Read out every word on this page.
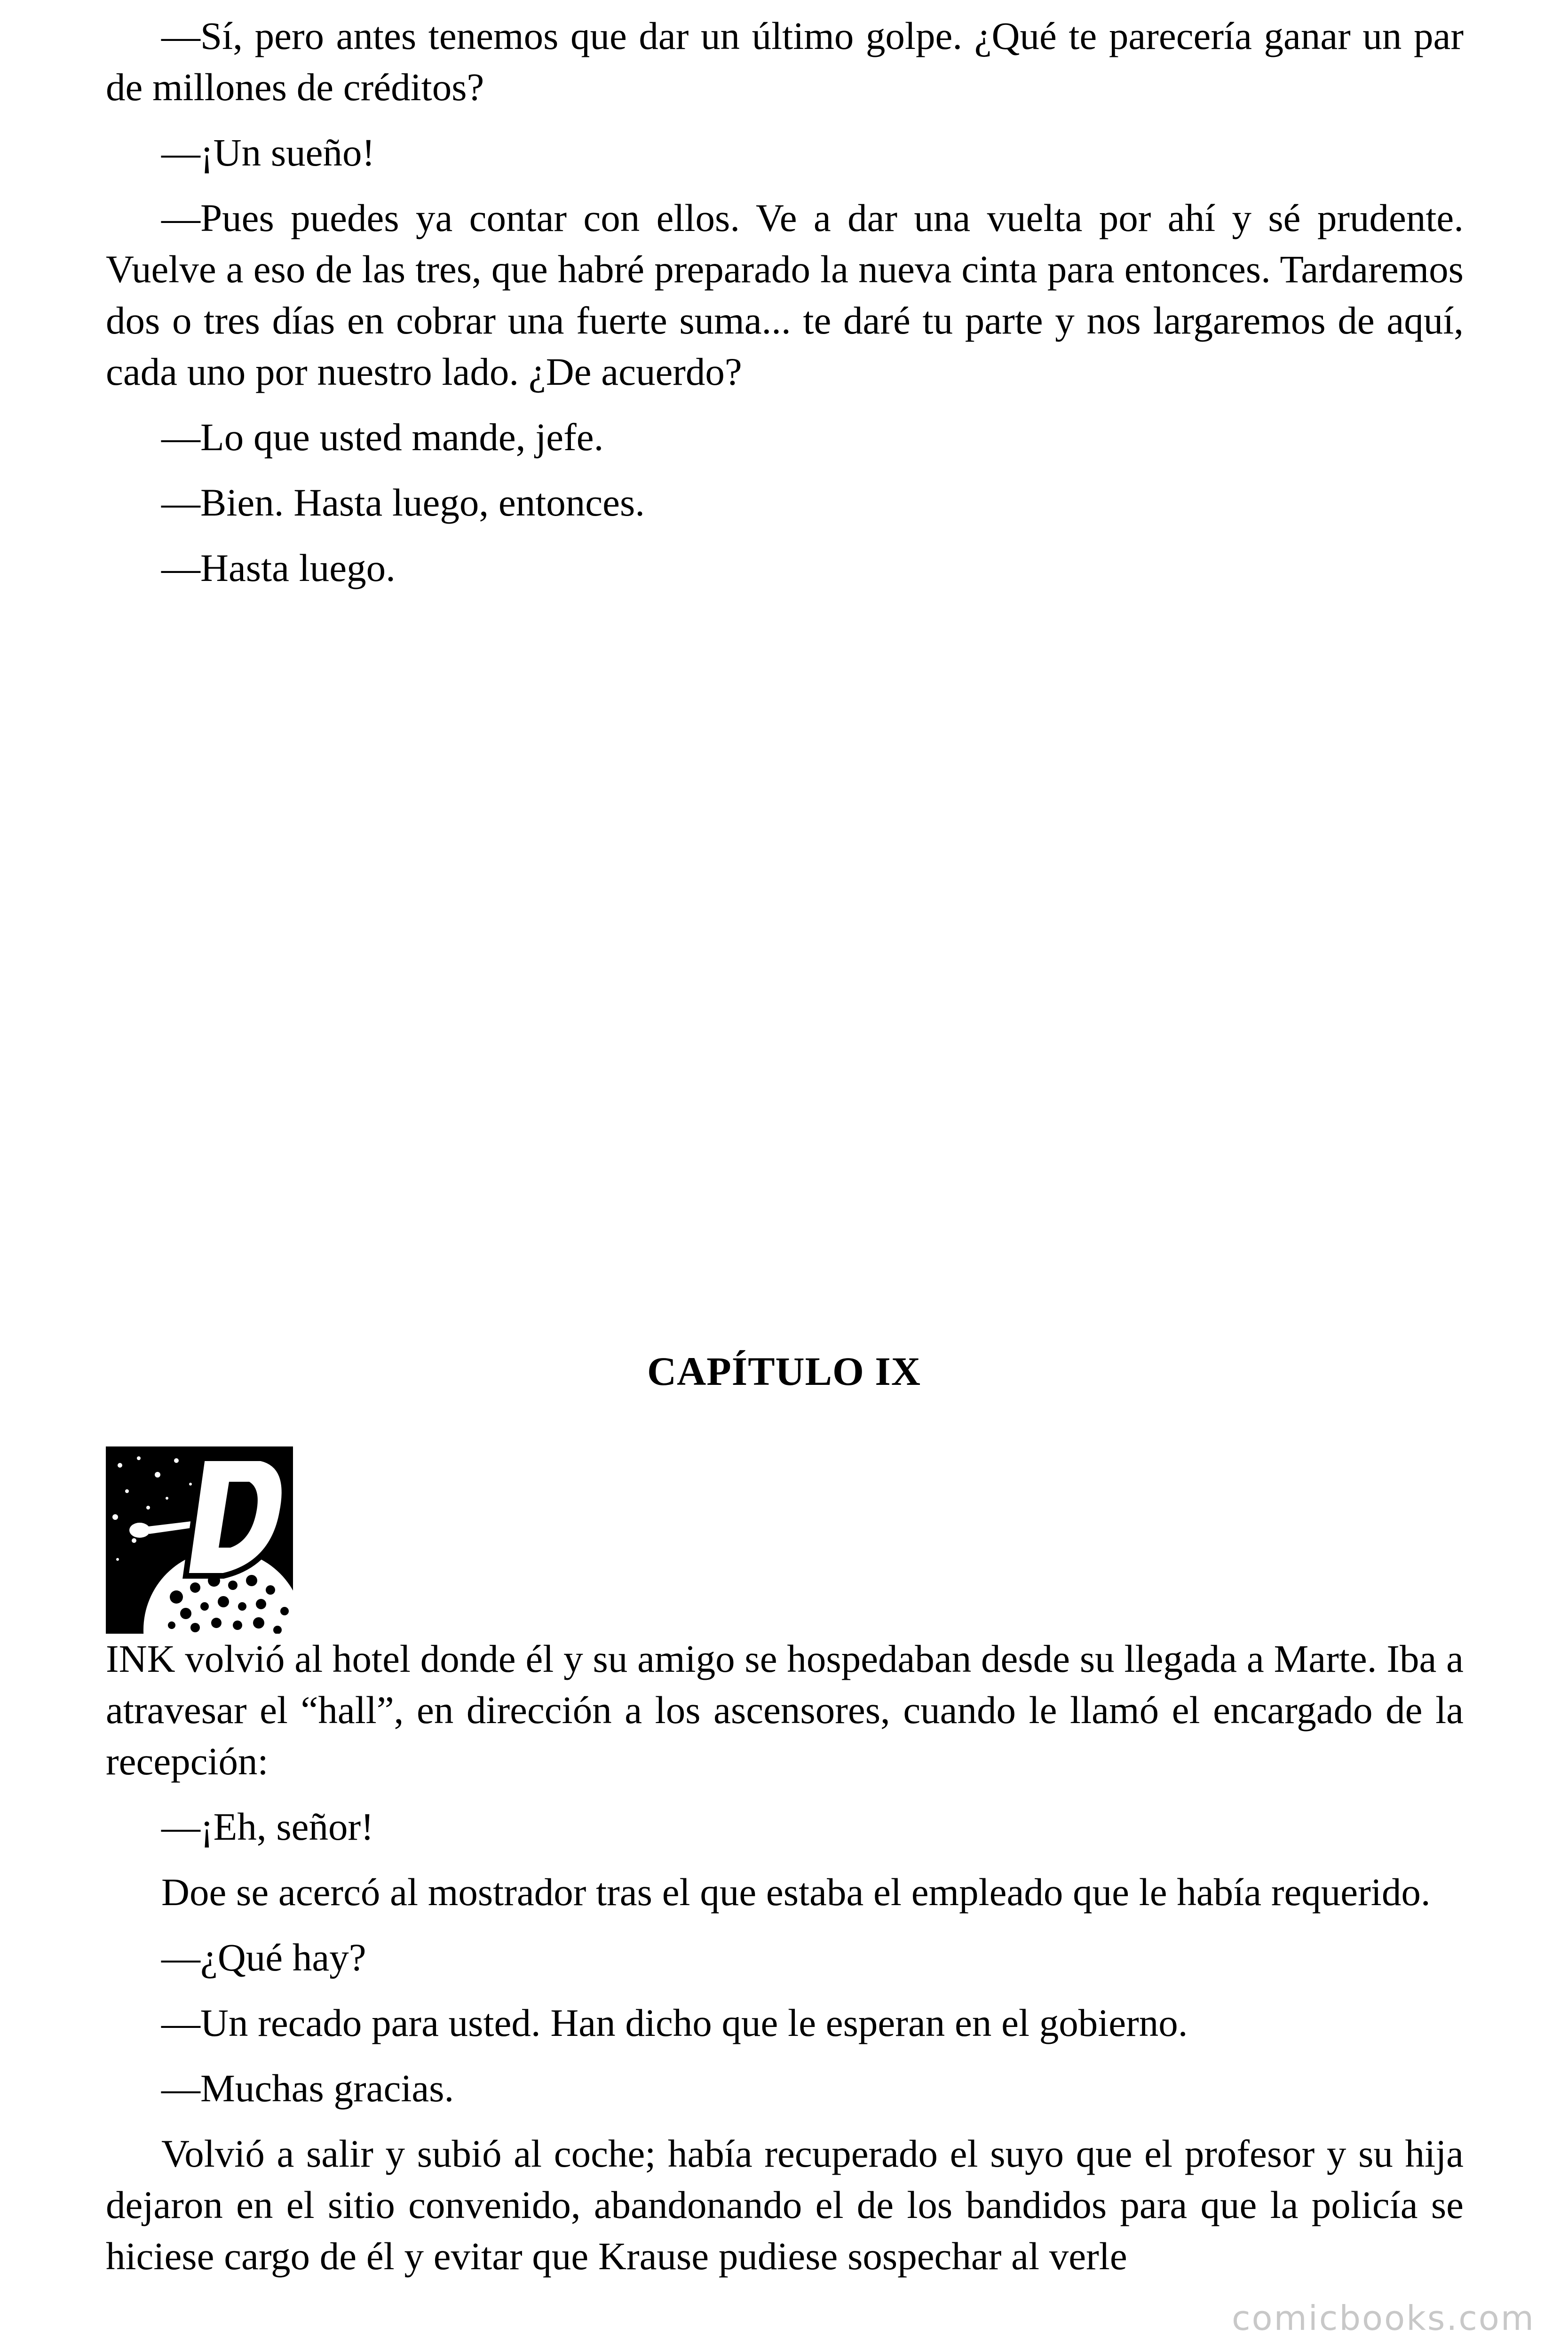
—Sí, pero antes tenemos que dar un último golpe. ¿Qué te parecería ganar un par de millones de créditos?

—¡Un sueño!

—Pues puedes ya contar con ellos. Ve a dar una vuelta por ahí y sé prudente. Vuelve a eso de las tres, que habré preparado la nueva cinta para entonces. Tardaremos dos o tres días en cobrar una fuerte suma... te daré tu parte y nos largaremos de aquí, cada uno por nuestro lado. ¿De acuerdo?

—Lo que usted mande, jefe.

—Bien. Hasta luego, entonces.

—Hasta luego.

CAPÍTULO IX

INK volvió al hotel donde él y su amigo se hospedaban desde su llegada a Marte. Iba a atravesar el “hall”, en dirección a los ascensores, cuando le llamó el encargado de la recepción:

—¡Eh, señor!

Doe se acercó al mostrador tras el que estaba el empleado que le había requerido.

—¿Qué hay?

—Un recado para usted. Han dicho que le esperan en el gobierno.

—Muchas gracias.

Volvió a salir y subió al coche; había recuperado el suyo que el profesor y su hija dejaron en el sitio convenido, abandonando el de los bandidos para que la policía se hiciese cargo de él y evitar que Krause pudiese sospechar al verle

comicbooks.com
